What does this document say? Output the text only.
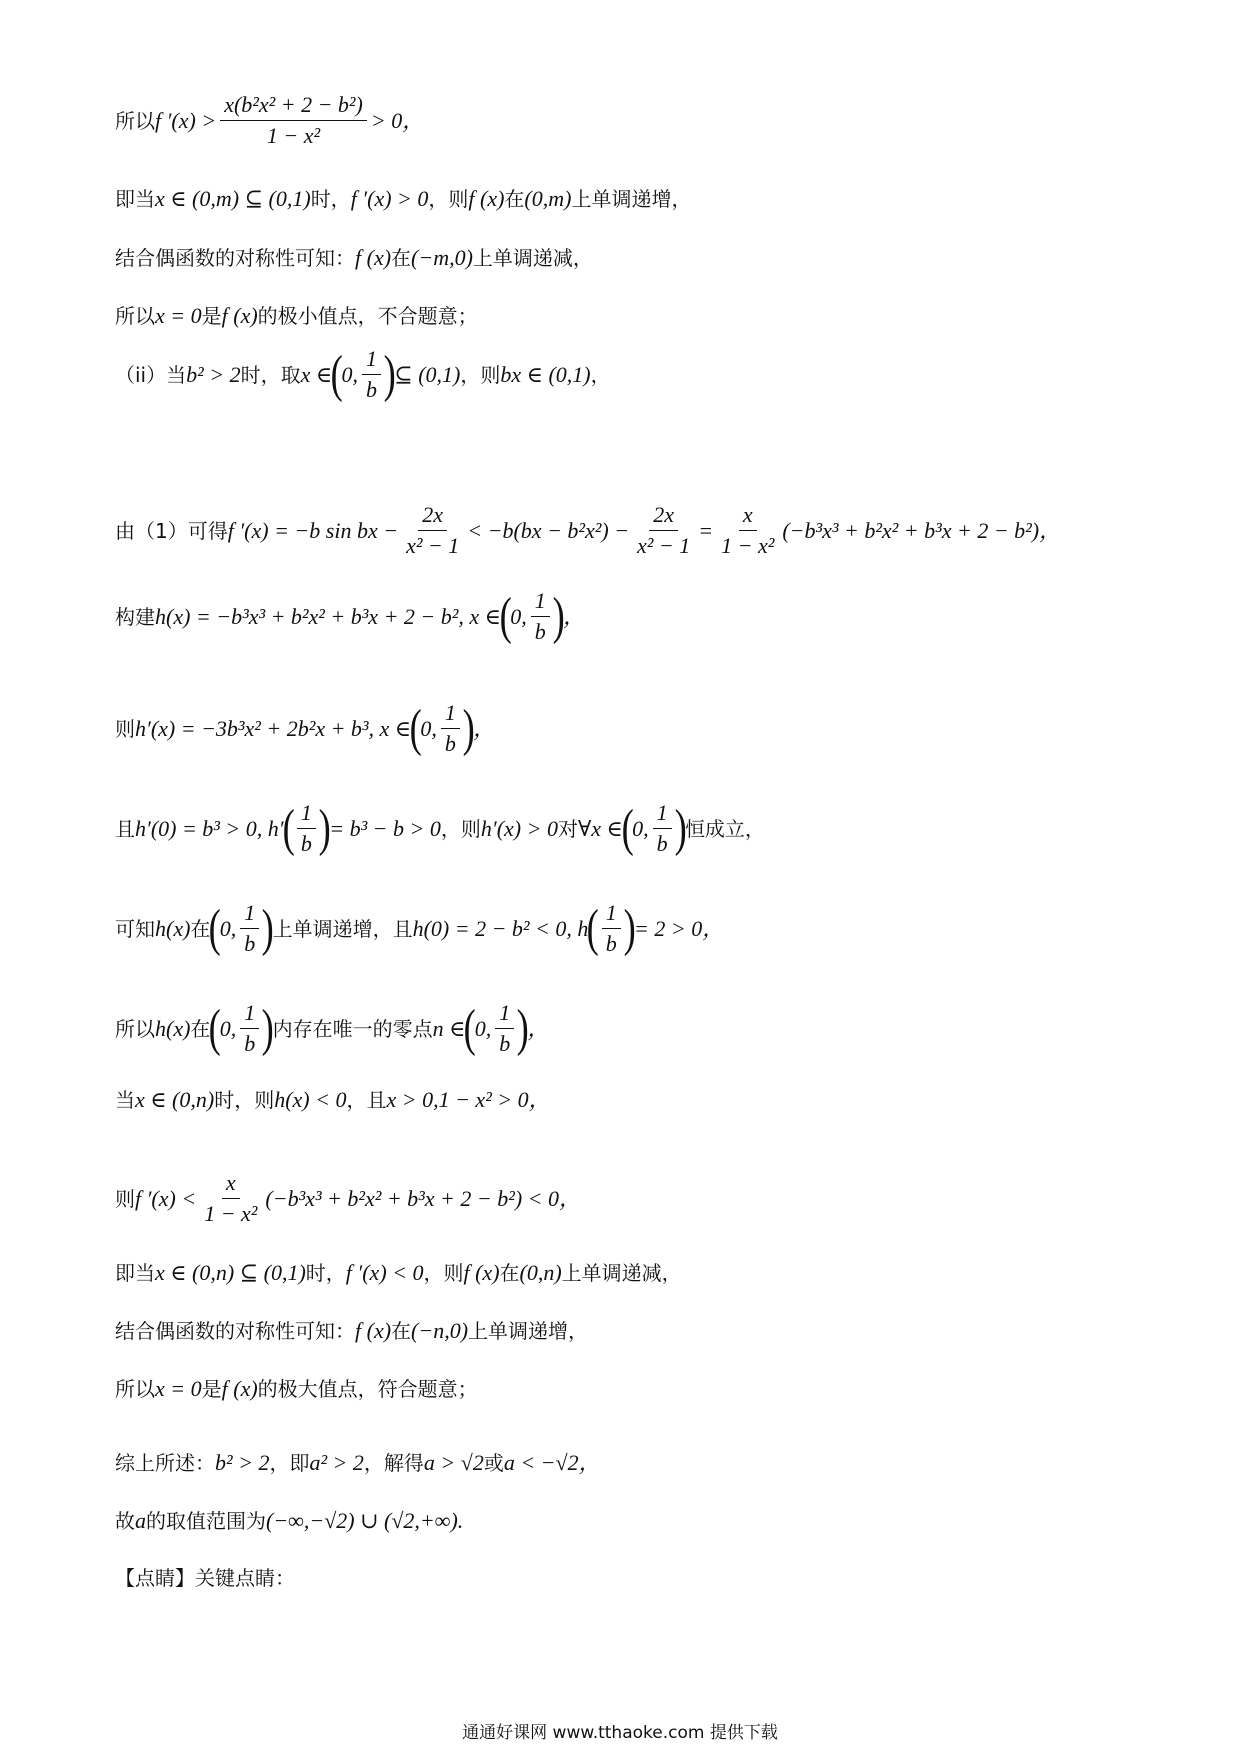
所以 f $'(x) > \frac{\text{x(b²x² + 2 − b²)}}{\text{1 − x²}} > 0$，
即当 x ∈ (0,m) ⊆ (0,1) 时， f ′(x) > 0 ，则 f (x) 在 (0,m) 上单调递增，
结合偶函数的对称性可知： f (x) 在 (−m,0) 上单调递减，
所以 x = 0 是 f (x) 的极小值点，不合题意；
（ii）当 b² > 2 时，取 x ∈
(
0, $\frac{1}{b}$ )
⊆ (0,1) ，则 bx ∈ (0,1) ，
由（1）可得 f ′(x) = −b sin bx − $\frac{2x}{\text{x² − 1}} < -b(bx - b^2x^2) - \frac{2x}{\text{x² − 1}} = \frac{x}{\text{1 − x²}} (-b^3x^3 + b^2x^2 + b^3x + 2 - b^2)$，
构建 h(x) = −b³x³ + b²x² + b³x + 2 − b², x ∈
(
0, $\frac{1}{b}$ )
，
则 h′(x) = −3b³x² + 2b²x + b³, x ∈
(
0, $\frac{1}{b}$ )
，
且 h′(0) = b³ > 0, h′
( $\frac{1}{b}$ )
= b³ − b > 0 ，则 h′(x) > 0 对 ∀x ∈
(
0, $\frac{1}{b}$ )
恒成立，
可知 h(x) 在
(
0, $\frac{1}{b}$ )
上单调递增，且 h(0) = 2 − b² < 0, h
( $\frac{1}{b}$ )
= 2 > 0 ，
所以 h(x) 在
(
0, $\frac{1}{b}$ )
内存在唯一的零点 n ∈
(
0, $\frac{1}{b}$ )
，
当 x ∈ (0,n) 时，则 h(x) < 0 ，且 x > 0,1 − x² > 0 ，
则 f $'(x) < \frac{x}{\text{1 − x²}} (-b^3x^3 + b^2x^2 + b^3x + 2 - b^2) < 0$ ，
即当 x ∈ (0,n) ⊆ (0,1) 时， f ′(x) < 0 ，则 f (x) 在 (0,n) 上单调递减，
结合偶函数的对称性可知： f (x) 在 (−n,0) 上单调递增，
所以 x = 0 是 f (x) 的极大值点，符合题意；
综上所述： b² > 2 ，即 a² > 2 ，解得 a > √2 或 a < −√2 ，
故 a 的取值范围为 (−∞,−√2) ∪ (√2,+∞) .
【点睛】关键点睛：
通通好课网 www.tthaoke.com 提供下载
